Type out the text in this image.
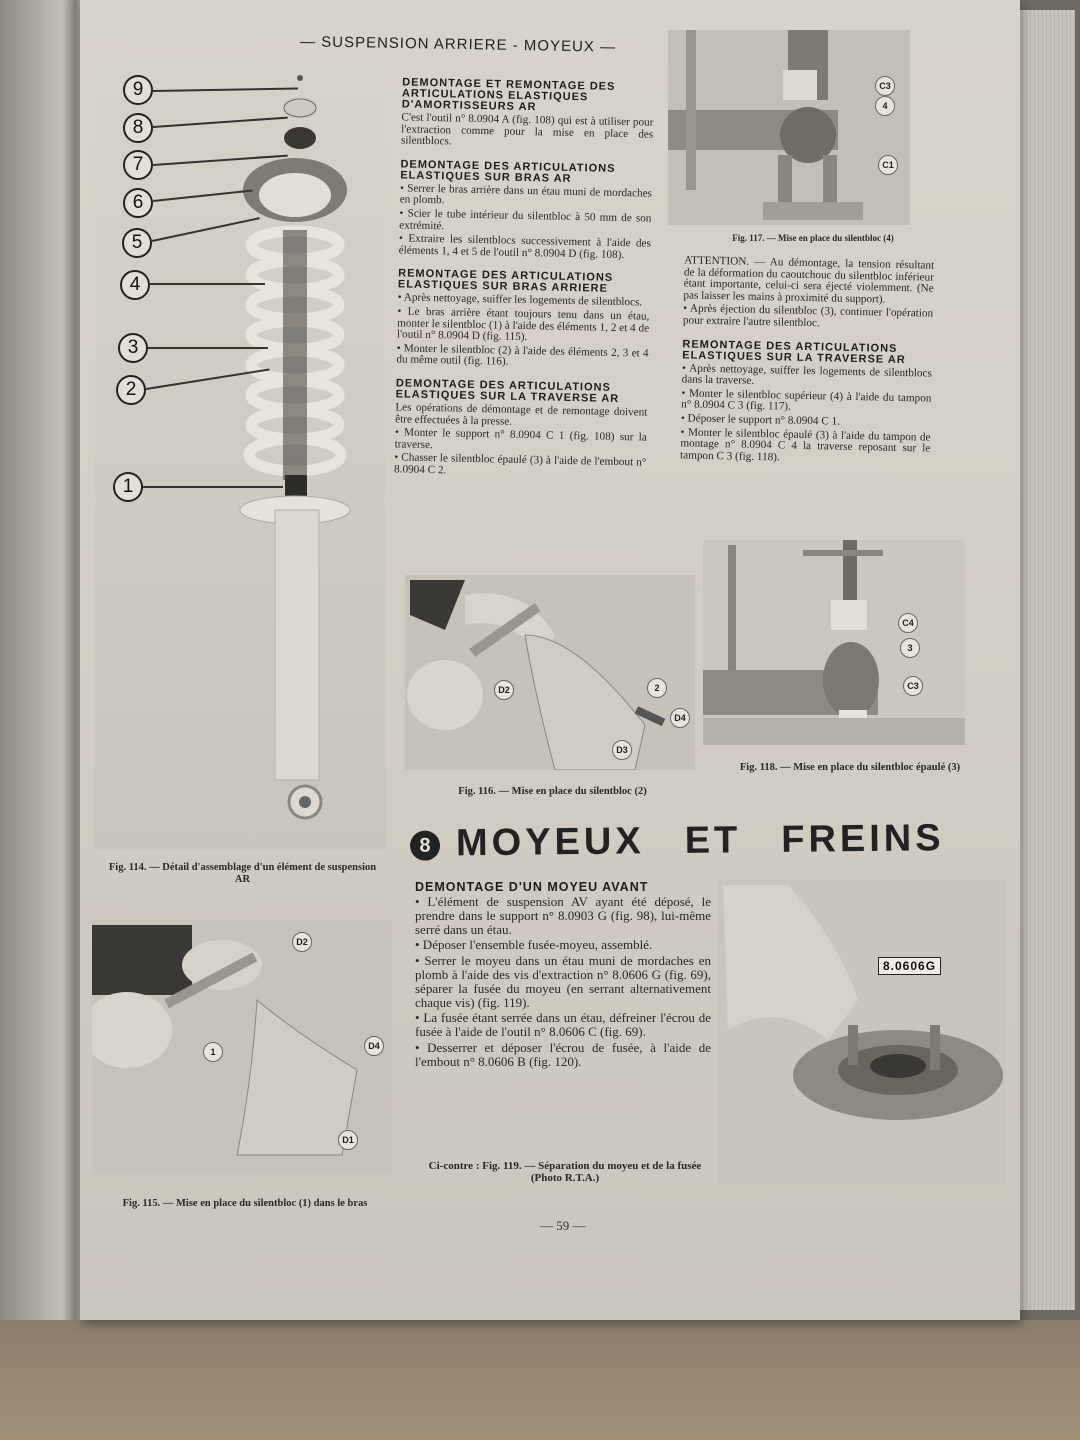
— SUSPENSION ARRIERE - MOYEUX —
9
8
7
6
5
4
3
2
1
Fig. 114. — Détail d'assemblage d'un élément de suspension AR
C3
4
C1
Fig. 117. — Mise en place du silentbloc (4)
DEMONTAGE ET REMONTAGE DES ARTICULATIONS ELASTIQUES D'AMORTISSEURS AR
C'est l'outil n° 8.0904 A (fig. 108) qui est à utiliser pour l'extraction comme pour la mise en place des silentblocs.
DEMONTAGE DES ARTICULATIONS ELASTIQUES SUR BRAS AR
• Serrer le bras arrière dans un étau muni de mordaches en plomb.
• Scier le tube intérieur du silentbloc à 50 mm de son extrémité.
• Extraire les silentblocs successivement à l'aide des éléments 1, 4 et 5 de l'outil n° 8.0904 D (fig. 108).
REMONTAGE DES ARTICULATIONS ELASTIQUES SUR BRAS ARRIERE
• Après nettoyage, suiffer les logements de silentblocs.
• Le bras arrière étant toujours tenu dans un étau, monter le silentbloc (1) à l'aide des éléments 1, 2 et 4 de l'outil n° 8.0904 D (fig. 115).
• Monter le silentbloc (2) à l'aide des éléments 2, 3 et 4 du même outil (fig. 116).
DEMONTAGE DES ARTICULATIONS ELASTIQUES SUR LA TRAVERSE AR
Les opérations de démontage et de remontage doivent être effectuées à la presse.
• Monter le support n° 8.0904 C 1 (fig. 108) sur la traverse.
• Chasser le silentbloc épaulé (3) à l'aide de l'embout n° 8.0904 C 2.
ATTENTION. — Au démontage, la tension résultant de la déformation du caoutchouc du silentbloc inférieur étant importante, celui-ci sera éjecté violemment. (Ne pas laisser les mains à proximité du support).
• Après éjection du silentbloc (3), continuer l'opération pour extraire l'autre silentbloc.
REMONTAGE DES ARTICULATIONS ELASTIQUES SUR LA TRAVERSE AR
• Après nettoyage, suiffer les logements de silentblocs dans la traverse.
• Monter le silentbloc supérieur (4) à l'aide du tampon n° 8.0904 C 3 (fig. 117).
• Déposer le support n° 8.0904 C 1.
• Monter le silentbloc épaulé (3) à l'aide du tampon de montage n° 8.0904 C 4 la traverse reposant sur le tampon C 3 (fig. 118).
D2	2
D4
D3
Fig. 116. — Mise en place du silentbloc (2)
C4
3
C3
Fig. 118. — Mise en place du silentbloc épaulé (3)
8 MOYEUX ET FREINS
DEMONTAGE D'UN MOYEU AVANT
• L'élément de suspension AV ayant été déposé, le prendre dans le support n° 8.0903 G (fig. 98), lui-même serré dans un étau.
• Déposer l'ensemble fusée-moyeu, assemblé.
• Serrer le moyeu dans un étau muni de mordaches en plomb à l'aide des vis d'extraction n° 8.0606 G (fig. 69), séparer la fusée du moyeu (en serrant alternativement chaque vis) (fig. 119).
• La fusée étant serrée dans un étau, défreiner l'écrou de fusée à l'aide de l'outil n° 8.0606 C (fig. 69).
• Desserrer et déposer l'écrou de fusée, à l'aide de l'embout n° 8.0606 B (fig. 120).
Ci-contre : Fig. 119. — Séparation du moyeu et de la fusée (Photo R.T.A.)
8.0606G
D2
1
D4
D1
Fig. 115. — Mise en place du silentbloc (1) dans le bras
— 59 —
